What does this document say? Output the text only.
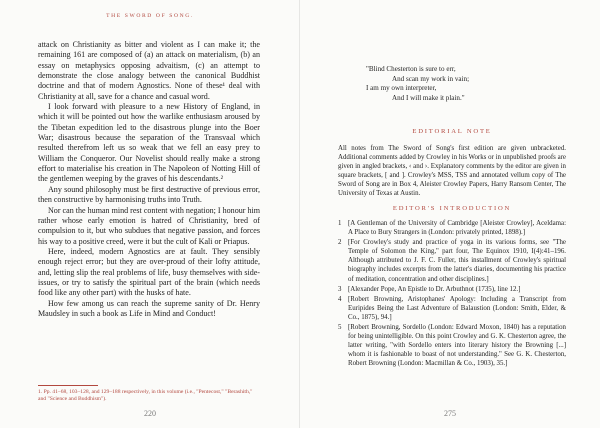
THE SWORD OF SONG.

attack on Christianity as bitter and violent as I can make it; the remaining 161 are composed of (a) an attack on materialism, (b) an essay on metaphysics opposing advaitism, (c) an attempt to demonstrate the close analogy between the canonical Buddhist doctrine and that of modern Agnostics. None of these¹ deal with Christianity at all, save for a chance and casual word.

I look forward with pleasure to a new History of England, in which it will be pointed out how the warlike enthusiasm aroused by the Tibetan expedition led to the disastrous plunge into the Boer War; disastrous because the separation of the Transvaal which resulted therefrom left us so weak that we fell an easy prey to William the Conqueror. Our Novelist should really make a strong effort to materialise his creation in The Napoleon of Notting Hill of the gentlemen weeping by the graves of his descendants.²

Any sound philosophy must be first destructive of previous error, then constructive by harmonising truths into Truth.

Nor can the human mind rest content with negation; I honour him rather whose early emotion is hatred of Christianity, bred of compulsion to it, but who subdues that negative passion, and forces his way to a positive creed, were it but the cult of Kali or Priapus.

Here, indeed, modern Agnostics are at fault. They sensibly enough reject error; but they are over-proud of their lofty attitude, and, letting slip the real problems of life, busy themselves with side-issues, or try to satisfy the spiritual part of the brain (which needs food like any other part) with the husks of hate.

How few among us can reach the supreme sanity of Dr. Henry Maudsley in such a book as Life in Mind and Conduct!

1. Pp. 41–68, 103–128, and 129–188 respectively, in this volume (i.e., "Pentecost," "Berashith," and "Science and Buddhism").
220
"Blind Chesterton is sure to err,
And scan my work in vain;
I am my own interpreter,
And I will make it plain."
EDITORIAL NOTE
All notes from The Sword of Song's first edition are given unbracketed. Additional comments added by Crowley in his Works or in unpublished proofs are given in angled brackets, ‹ and ›. Explanatory comments by the editor are given in square brackets, [ and ]. Crowley's MSS, TSS and annotated vellum copy of The Sword of Song are in Box 4, Aleister Crowley Papers, Harry Ransom Center, The University of Texas at Austin.
EDITOR'S INTRODUCTION
1 [A Gentleman of the University of Cambridge [Aleister Crowley], Aceldama: A Place to Bury Strangers in (London: privately printed, 1898).]
2 [For Crowley's study and practice of yoga in its various forms, see "The Temple of Solomon the King," part four, The Equinox 1910, I(4):41–196. Although attributed to J. F. C. Fuller, this installment of Crowley's spiritual biography includes excerpts from the latter's diaries, documenting his practice of meditation, concentration and other disciplines.]
3 [Alexander Pope, An Epistle to Dr. Arbuthnot (1735), line 12.]
4 [Robert Browning, Aristophanes' Apology: Including a Transcript from Euripides Being the Last Adventure of Balaustion (London: Smith, Elder, & Co., 1875), 94.]
5 [Robert Browning, Sordello (London: Edward Moxon, 1840) has a reputation for being unintelligible. On this point Crowley and G. K. Chesterton agree, the latter writing, "with Sordello enters into literary history the Browning [...] whom it is fashionable to boast of not understanding." See G. K. Chesterton, Robert Browning (London: Macmillan & Co., 1903), 35.]
275
